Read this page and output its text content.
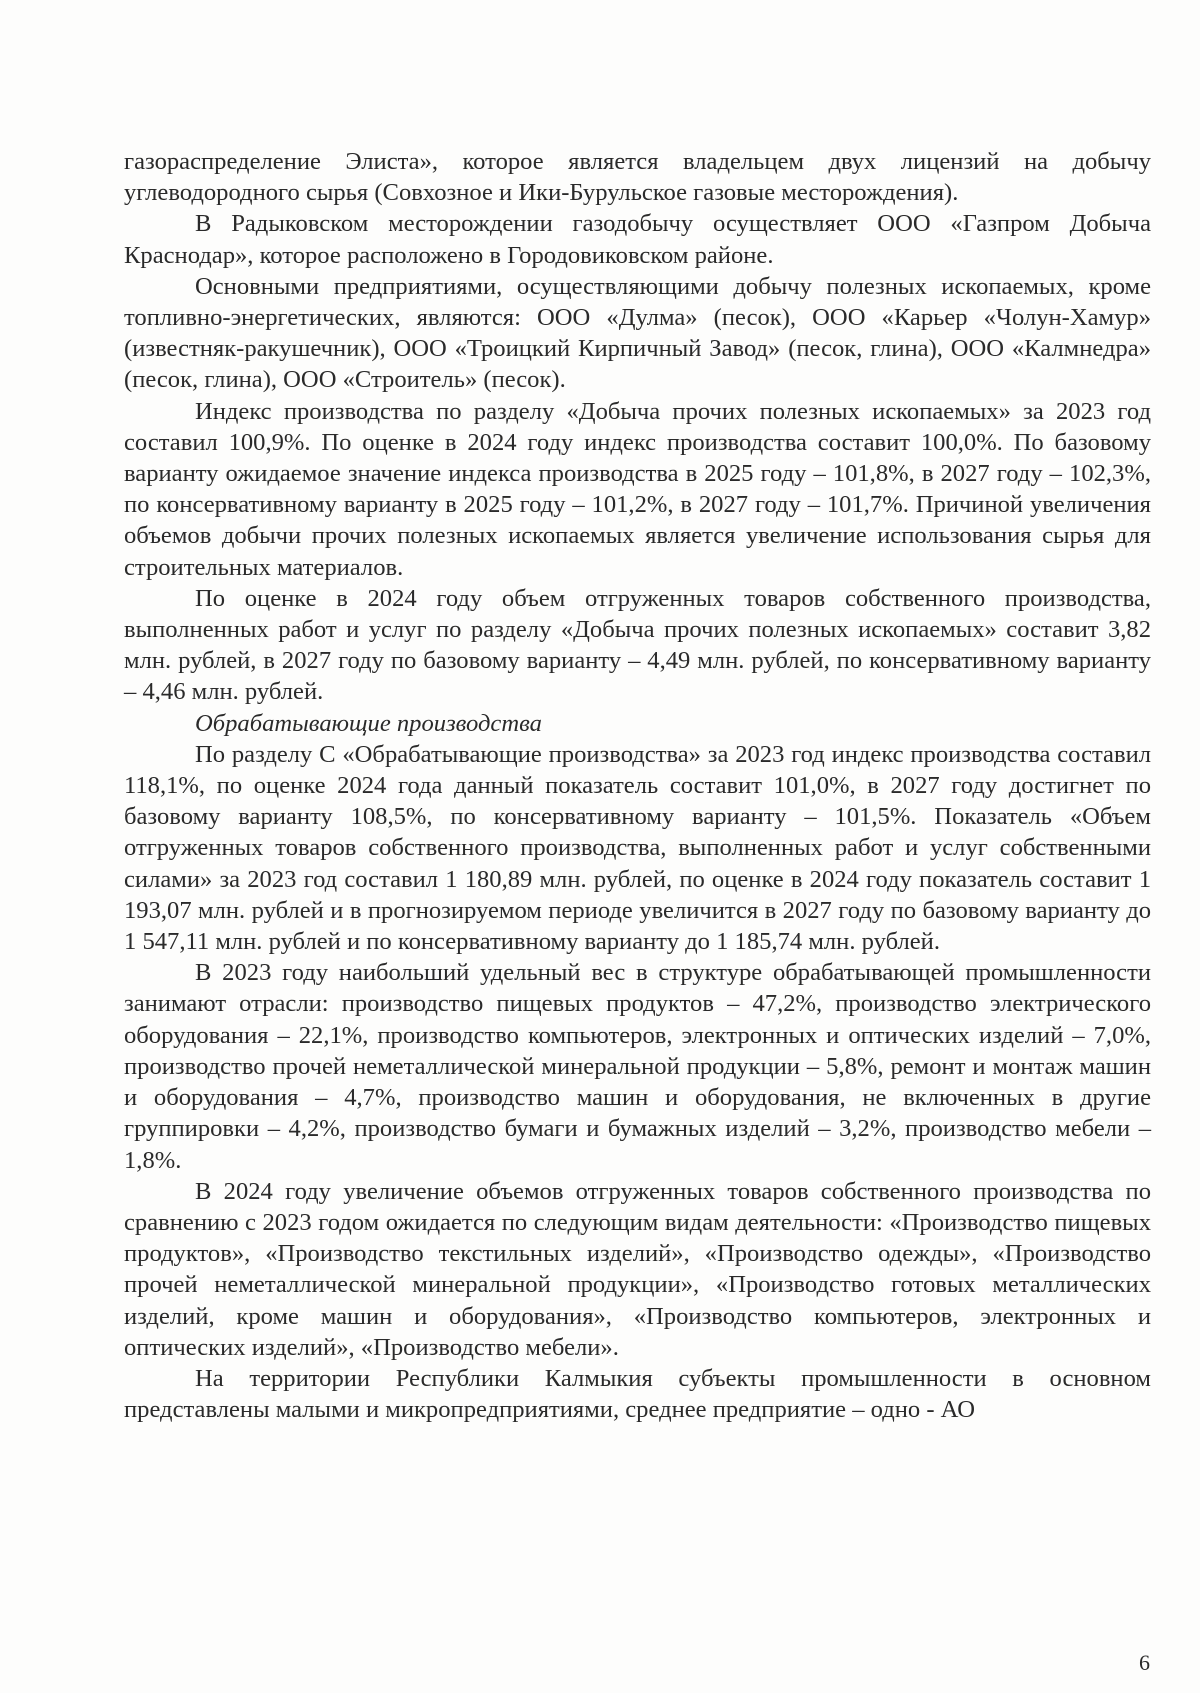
газораспределение Элиста», которое является владельцем двух лицензий на добычу углеводородного сырья (Совхозное и Ики-Бурульское газовые месторождения).

В Радыковском месторождении газодобычу осуществляет ООО «Газпром Добыча Краснодар», которое расположено в Городовиковском районе.

Основными предприятиями, осуществляющими добычу полезных ископаемых, кроме топливно-энергетических, являются: ООО «Дулма» (песок), ООО «Карьер «Чолун-Хамур» (известняк-ракушечник), ООО «Троицкий Кирпичный Завод» (песок, глина), ООО «Калмнедра» (песок, глина), ООО «Строитель» (песок).

Индекс производства по разделу «Добыча прочих полезных ископаемых» за 2023 год составил 100,9%. По оценке в 2024 году индекс производства составит 100,0%. По базовому варианту ожидаемое значение индекса производства в 2025 году – 101,8%, в 2027 году – 102,3%, по консервативному варианту в 2025 году – 101,2%, в 2027 году – 101,7%. Причиной увеличения объемов добычи прочих полезных ископаемых является увеличение использования сырья для строительных материалов.

По оценке в 2024 году объем отгруженных товаров собственного производства, выполненных работ и услуг по разделу «Добыча прочих полезных ископаемых» составит 3,82 млн. рублей, в 2027 году по базовому варианту – 4,49 млн. рублей, по консервативному варианту – 4,46 млн. рублей.

Обрабатывающие производства

По разделу С «Обрабатывающие производства» за 2023 год индекс производства составил 118,1%, по оценке 2024 года данный показатель составит 101,0%, в 2027 году достигнет по базовому варианту 108,5%, по консервативному варианту – 101,5%. Показатель «Объем отгруженных товаров собственного производства, выполненных работ и услуг собственными силами» за 2023 год составил 1 180,89 млн. рублей, по оценке в 2024 году показатель составит 1 193,07 млн. рублей и в прогнозируемом периоде увеличится в 2027 году по базовому варианту до 1 547,11 млн. рублей и по консервативному варианту до 1 185,74 млн. рублей.

В 2023 году наибольший удельный вес в структуре обрабатывающей промышленности занимают отрасли: производство пищевых продуктов – 47,2%, производство электрического оборудования – 22,1%, производство компьютеров, электронных и оптических изделий – 7,0%, производство прочей неметаллической минеральной продукции – 5,8%, ремонт и монтаж машин и оборудования – 4,7%, производство машин и оборудования, не включенных в другие группировки – 4,2%, производство бумаги и бумажных изделий – 3,2%, производство мебели – 1,8%.

В 2024 году увеличение объемов отгруженных товаров собственного производства по сравнению с 2023 годом ожидается по следующим видам деятельности: «Производство пищевых продуктов», «Производство текстильных изделий», «Производство одежды», «Производство прочей неметаллической минеральной продукции», «Производство готовых металлических изделий, кроме машин и оборудования», «Производство компьютеров, электронных и оптических изделий», «Производство мебели».

На территории Республики Калмыкия субъекты промышленности в основном представлены малыми и микропредприятиями, среднее предприятие – одно - АО

6
